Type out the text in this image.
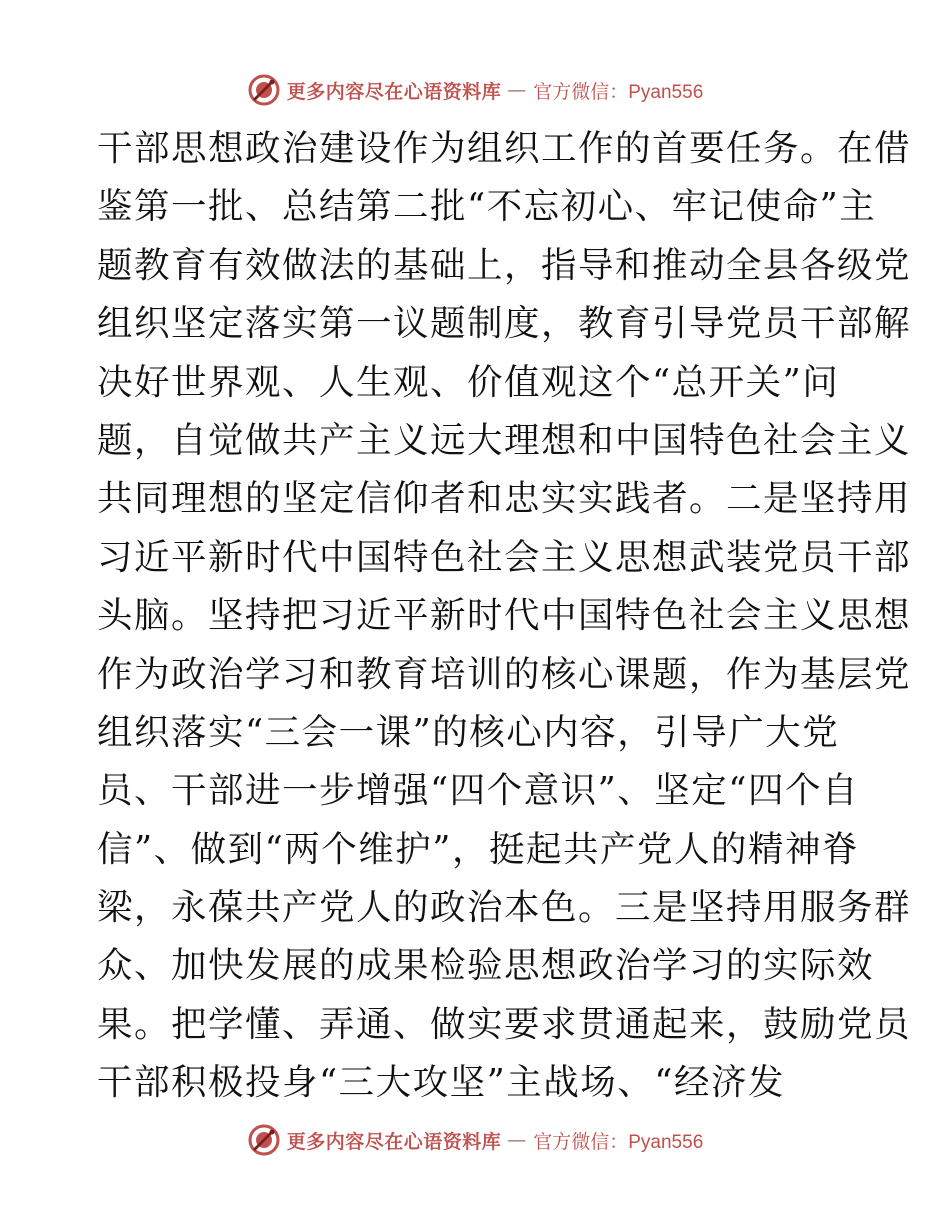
更多内容尽在心语资料库 — 官方微信：Pyan556
干部思想政治建设作为组织工作的首要任务。在借
鉴第一批、总结第二批“不忘初心、牢记使命”主
题教育有效做法的基础上，指导和推动全县各级党
组织坚定落实第一议题制度，教育引导党员干部解
决好世界观、人生观、价值观这个“总开关”问
题，自觉做共产主义远大理想和中国特色社会主义
共同理想的坚定信仰者和忠实实践者。二是坚持用
习近平新时代中国特色社会主义思想武装党员干部
头脑。坚持把习近平新时代中国特色社会主义思想
作为政治学习和教育培训的核心课题，作为基层党
组织落实“三会一课”的核心内容，引导广大党
员、干部进一步增强“四个意识”、坚定“四个自
信”、做到“两个维护”，挺起共产党人的精神脊
梁，永葆共产党人的政治本色。三是坚持用服务群
众、加快发展的成果检验思想政治学习的实际效
果。把学懂、弄通、做实要求贯通起来，鼓励党员
干部积极投身“三大攻坚”主战场、“经济发
更多内容尽在心语资料库 — 官方微信：Pyan556
